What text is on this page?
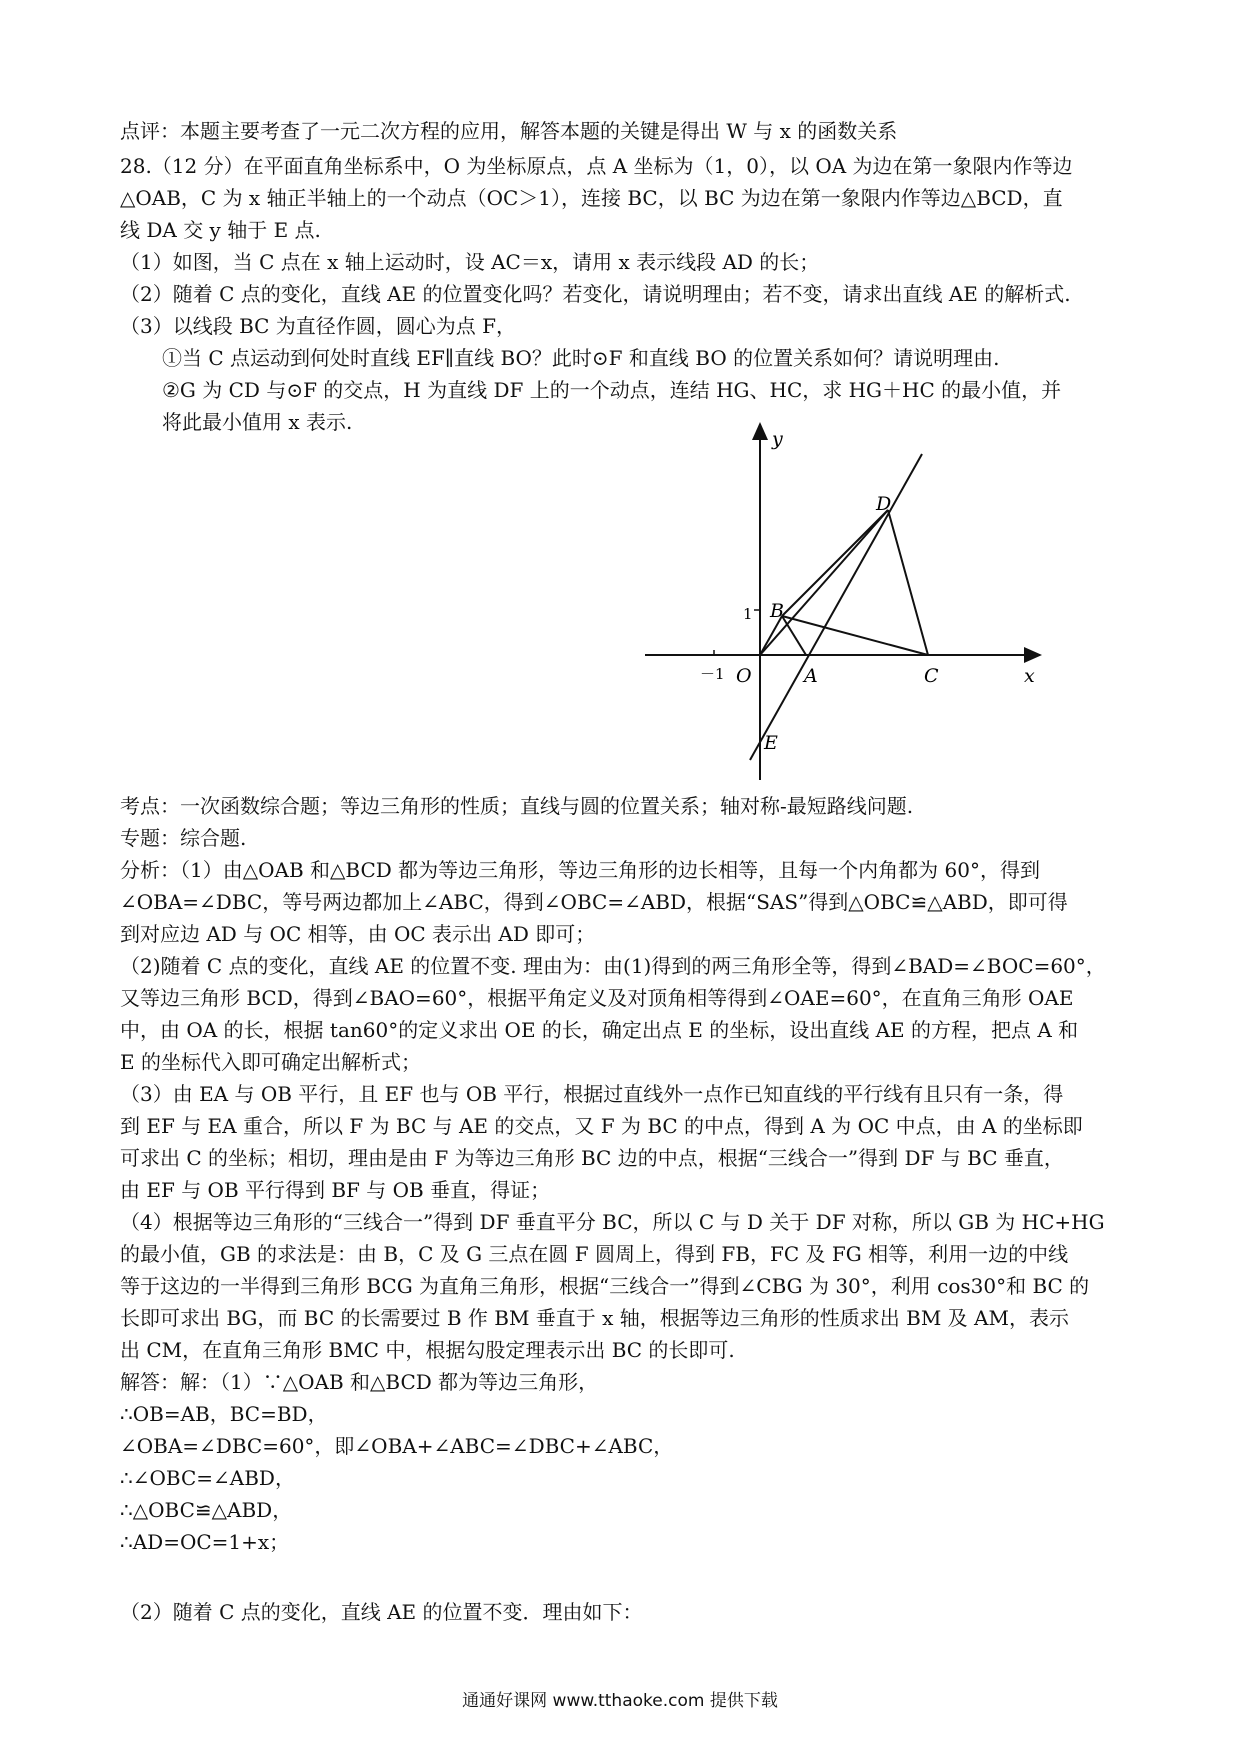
点评：本题主要考查了一元二次方程的应用，解答本题的关键是得出 W 与 x 的函数关系
28.（12 分）在平面直角坐标系中，O 为坐标原点，点 A 坐标为（1，0），以 OA 为边在第一象限内作等边
△OAB，C 为 x 轴正半轴上的一个动点（OC＞1），连接 BC，以 BC 为边在第一象限内作等边△BCD，直
线 DA 交 y 轴于 E 点.
（1）如图，当 C 点在 x 轴上运动时，设 AC＝x，请用 x 表示线段 AD 的长；
（2）随着 C 点的变化，直线 AE 的位置变化吗？若变化，请说明理由；若不变，请求出直线 AE 的解析式.
（3）以线段 BC 为直径作圆，圆心为点 F，
①当 C 点运动到何处时直线 EF∥直线 BO？此时⊙F 和直线 BO 的位置关系如何？请说明理由.
②G 为 CD 与⊙F 的交点，H 为直线 DF 上的一个动点，连结 HG、HC，求 HG＋HC 的最小值，并
将此最小值用 x 表示.
y
x
O	A
B
C
D
E
1
－1
考点：一次函数综合题；等边三角形的性质；直线与圆的位置关系；轴对称-最短路线问题.
专题：综合题.
分析：（1）由△OAB 和△BCD 都为等边三角形，等边三角形的边长相等，且每一个内角都为 60°，得到
∠OBA=∠DBC，等号两边都加上∠ABC，得到∠OBC=∠ABD，根据“SAS”得到△OBC≌△ABD，即可得
到对应边 AD 与 OC 相等，由 OC 表示出 AD 即可；
（2)随着 C 点的变化，直线 AE 的位置不变. 理由为：由(1)得到的两三角形全等，得到∠BAD=∠BOC=60°，
又等边三角形 BCD，得到∠BAO=60°，根据平角定义及对顶角相等得到∠OAE=60°，在直角三角形 OAE
中，由 OA 的长，根据 tan60°的定义求出 OE 的长，确定出点 E 的坐标，设出直线 AE 的方程，把点 A 和
E 的坐标代入即可确定出解析式；
（3）由 EA 与 OB 平行，且 EF 也与 OB 平行，根据过直线外一点作已知直线的平行线有且只有一条，得
到 EF 与 EA 重合，所以 F 为 BC 与 AE 的交点，又 F 为 BC 的中点，得到 A 为 OC 中点，由 A 的坐标即
可求出 C 的坐标；相切，理由是由 F 为等边三角形 BC 边的中点，根据“三线合一”得到 DF 与 BC 垂直，
由 EF 与 OB 平行得到 BF 与 OB 垂直，得证；
（4）根据等边三角形的“三线合一”得到 DF 垂直平分 BC，所以 C 与 D 关于 DF 对称，所以 GB 为 HC+HG
的最小值，GB 的求法是：由 B，C 及 G 三点在圆 F 圆周上，得到 FB，FC 及 FG 相等，利用一边的中线
等于这边的一半得到三角形 BCG 为直角三角形，根据“三线合一”得到∠CBG 为 30°，利用 cos30°和 BC 的
长即可求出 BG，而 BC 的长需要过 B 作 BM 垂直于 x 轴，根据等边三角形的性质求出 BM 及 AM，表示
出 CM，在直角三角形 BMC 中，根据勾股定理表示出 BC 的长即可.
解答：解：（1）∵△OAB 和△BCD 都为等边三角形，
∴OB=AB，BC=BD，
∠OBA=∠DBC=60°，即∠OBA+∠ABC=∠DBC+∠ABC，
∴∠OBC=∠ABD，
∴△OBC≌△ABD，
∴AD=OC=1+x；
（2）随着 C 点的变化，直线 AE 的位置不变．理由如下：
通通好课网 www.tthaoke.com 提供下载
